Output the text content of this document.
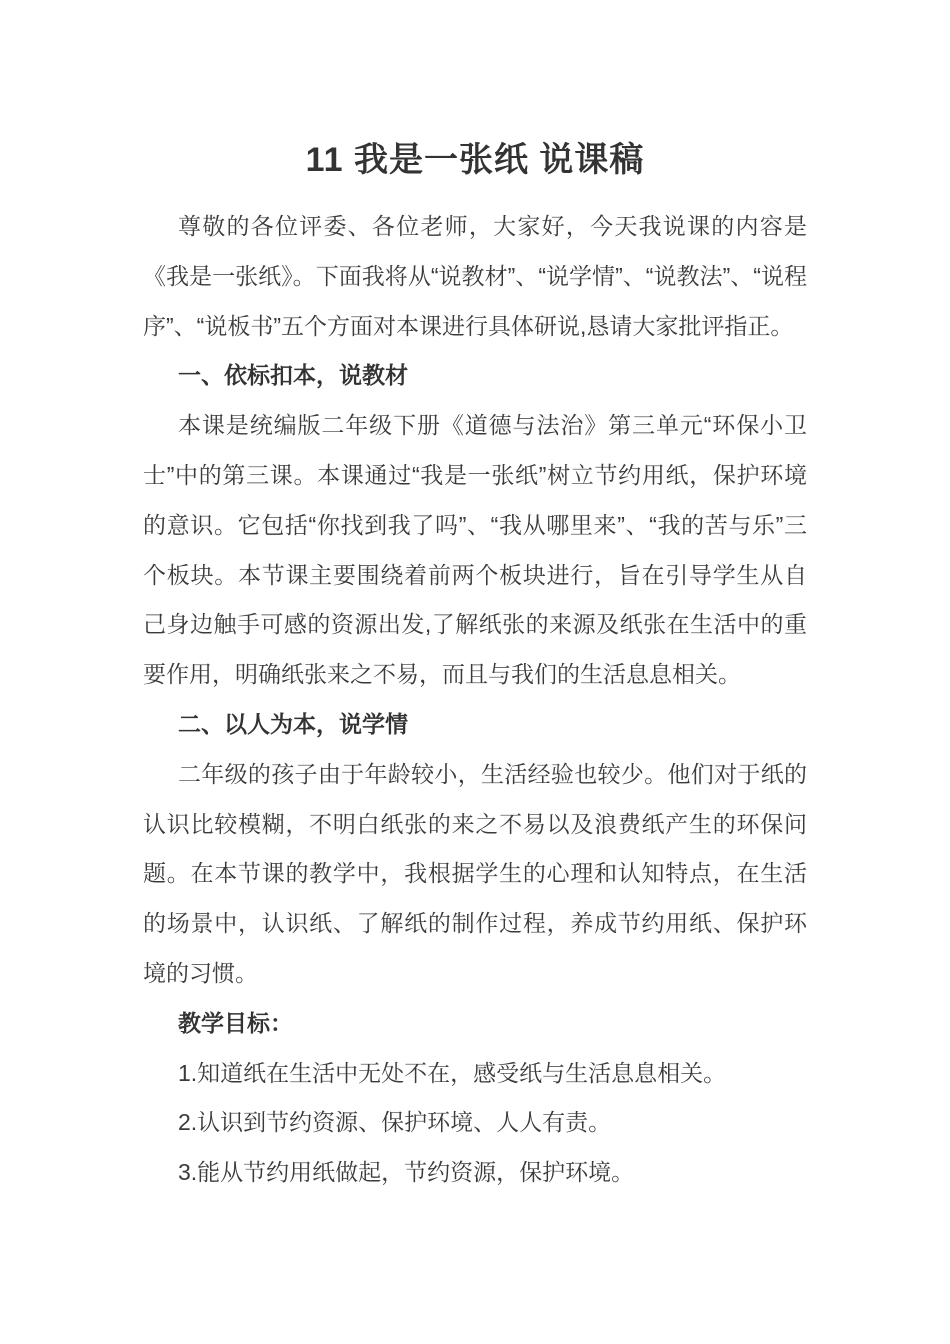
11 我是一张纸 说课稿

尊敬的各位评委、各位老师，大家好，今天我说课的内容是《我是一张纸》。下面我将从“说教材”、“说学情”、“说教法”、“说程序”、“说板书”五个方面对本课进行具体研说,恳请大家批评指正。

一、依标扣本，说教材

本课是统编版二年级下册《道德与法治》第三单元“环保小卫士”中的第三课。本课通过“我是一张纸”树立节约用纸，保护环境的意识。它包括“你找到我了吗”、“我从哪里来”、“我的苦与乐”三个板块。本节课主要围绕着前两个板块进行，旨在引导学生从自己身边触手可感的资源出发,了解纸张的来源及纸张在生活中的重要作用，明确纸张来之不易，而且与我们的生活息息相关。

二、以人为本，说学情

二年级的孩子由于年龄较小，生活经验也较少。他们对于纸的认识比较模糊，不明白纸张的来之不易以及浪费纸产生的环保问题。在本节课的教学中，我根据学生的心理和认知特点，在生活的场景中，认识纸、了解纸的制作过程，养成节约用纸、保护环境的习惯。

教学目标：

1.知道纸在生活中无处不在，感受纸与生活息息相关。

2.认识到节约资源、保护环境、人人有责。

3.能从节约用纸做起，节约资源，保护环境。
